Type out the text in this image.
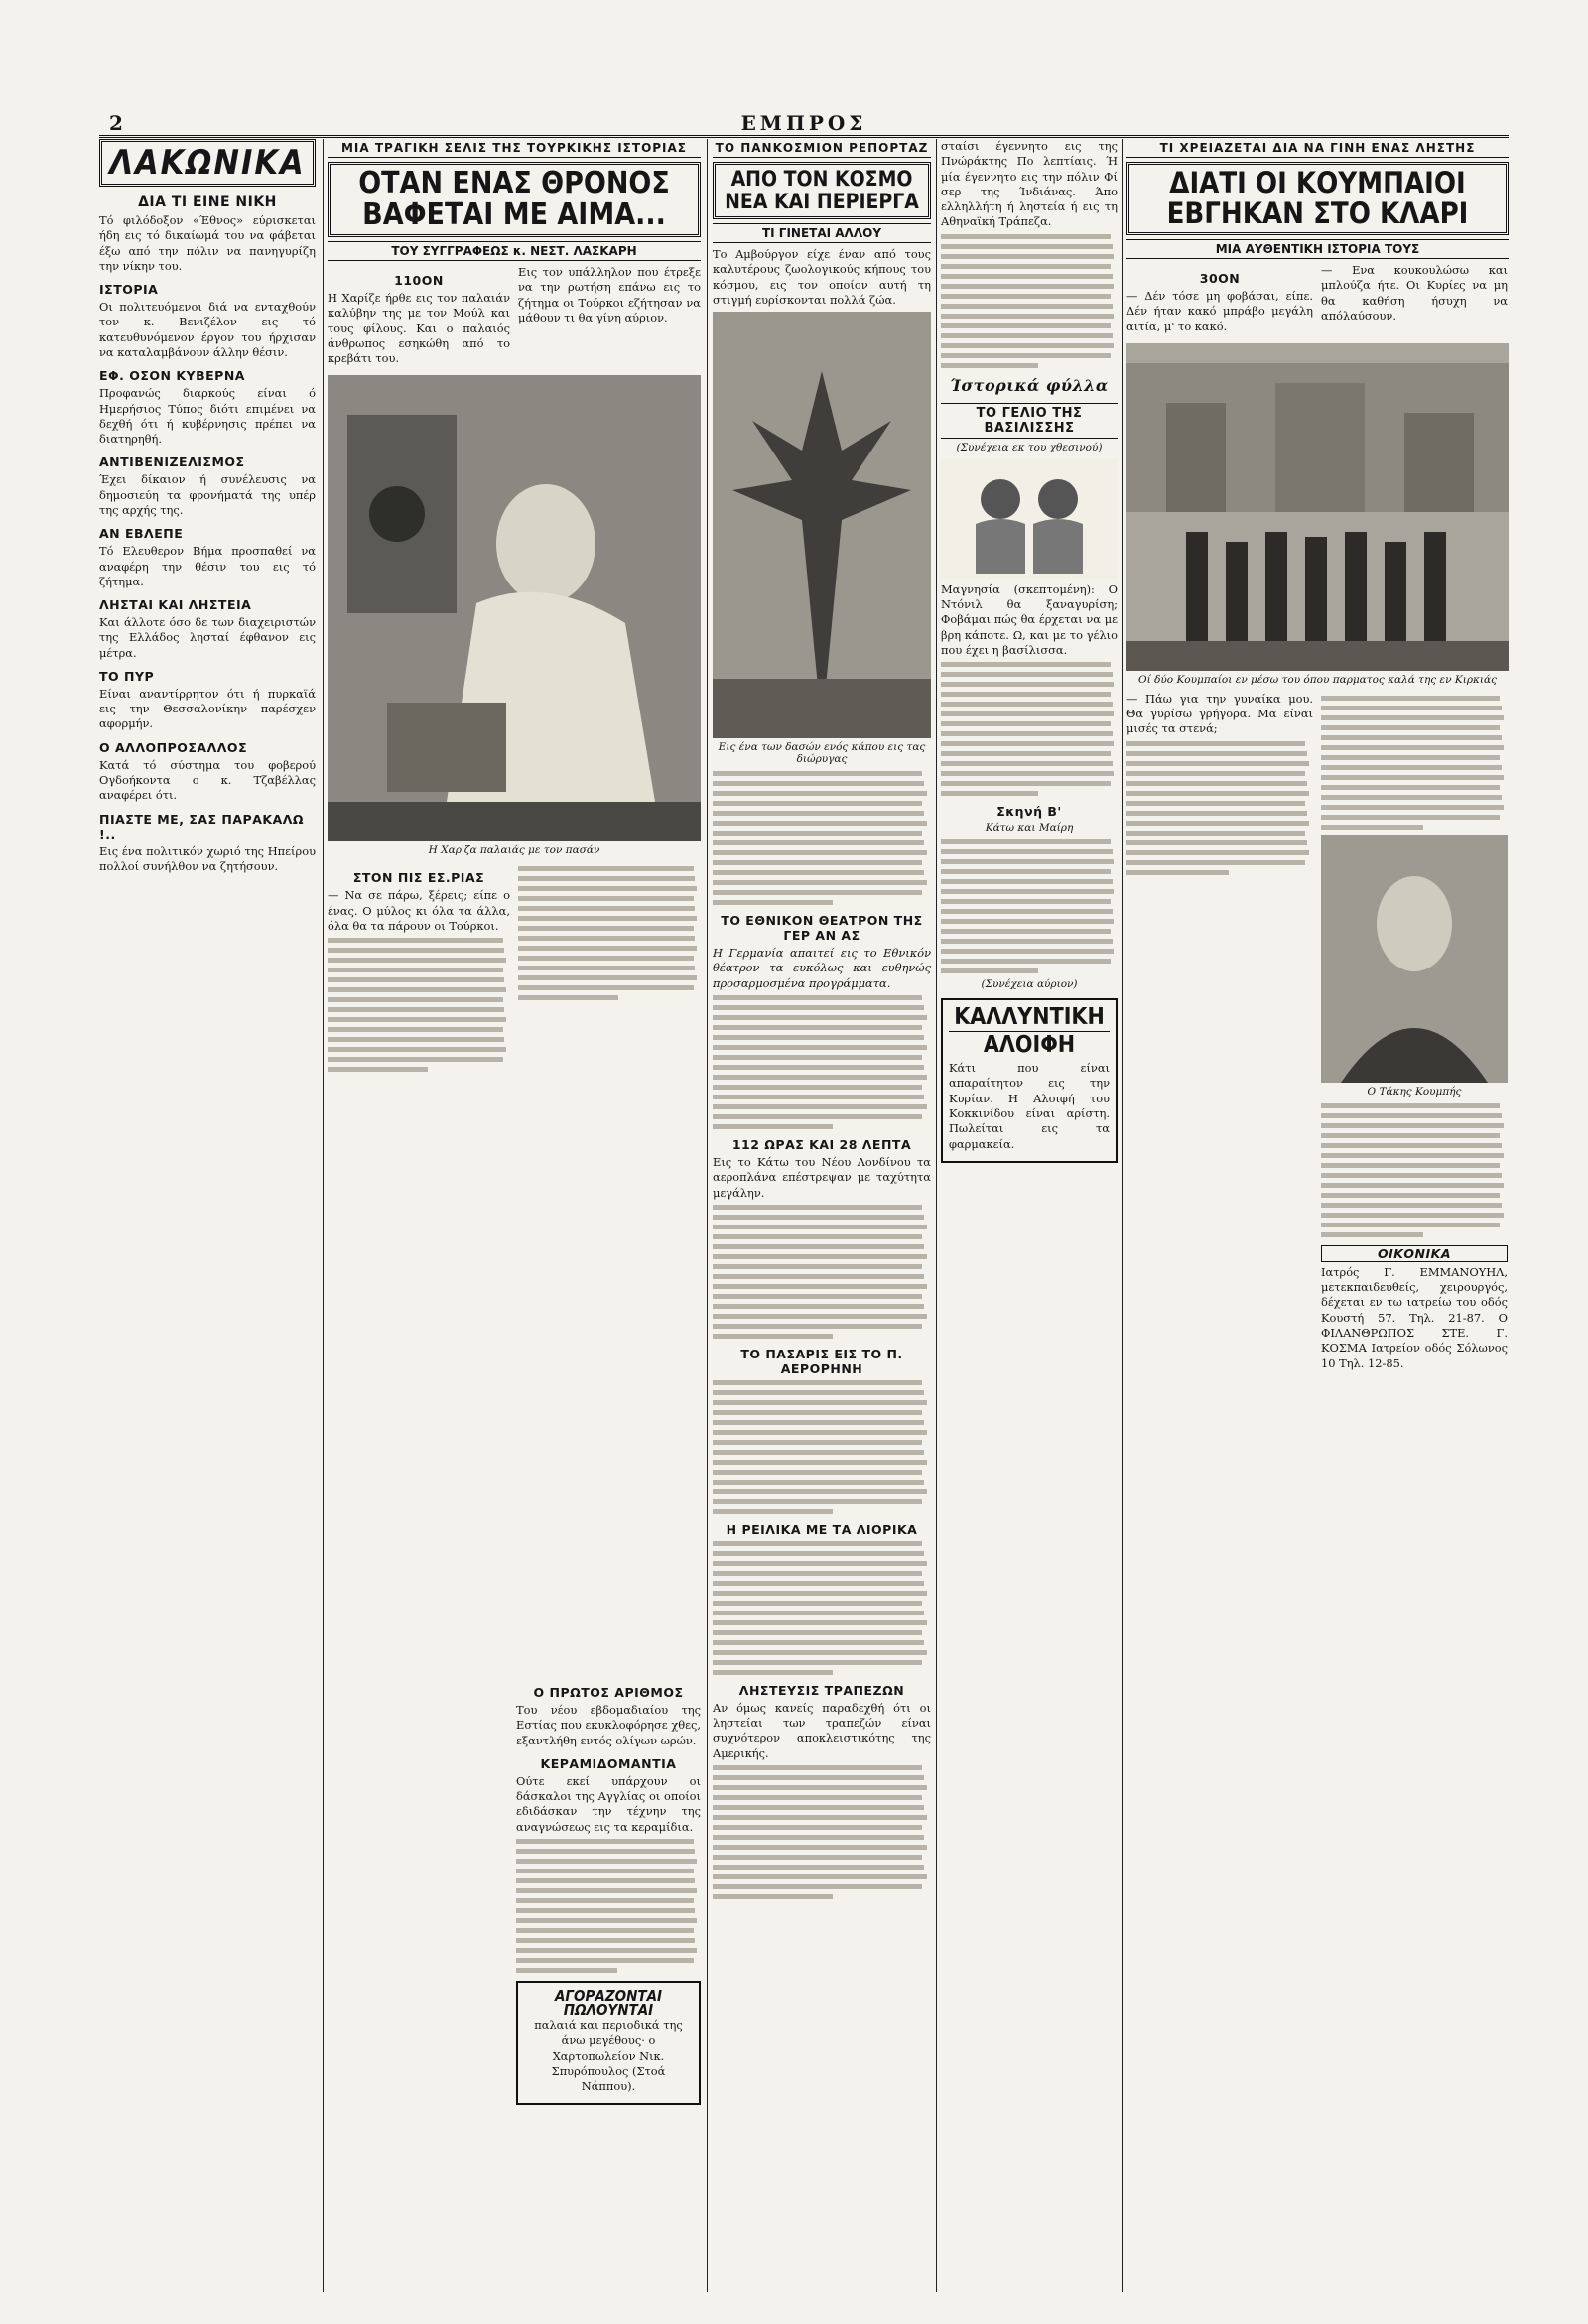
2	ΕΜΠΡΟΣ
ΛΑΚΩΝΙΚΑ
ΔΙΑ ΤΙ ΕΙΝΕ ΝΙΚΗ

Τό φιλόδοξον «Έθνος» εύρισκεται ήδη εις τό δικαίωμά του να φάβεται έξω από την πόλιν να πανηγυρίζη την νίκην του.

ΙΣΤΟΡΙΑ

Οι πολιτευόμενοι διά να ενταχθούν τον κ. Βενιζέλον εις τό κατευθυνόμενον έργον του ήρχισαν να καταλαμβάνουν άλλην θέσιν.

ΕΦ. ΟΣΟΝ ΚΥΒΕΡΝΑ

Προφανώς διαρκούς είναι ό Ημερήσιος Τύπος διότι επιμένει να δεχθή ότι ή κυβέρνησις πρέπει να διατηρηθή.

ΑΝΤΙΒΕΝΙΖΕΛΙΣΜΟΣ

Έχει δίκαιον ή συνέλευσις να δημοσιεύη τα φρονήματά της υπέρ της αρχής της.

ΑΝ ΕΒΛΕΠΕ

Τό Ελευθερον Βήμα προσπαθεί να αναφέρη την θέσιν του εις τό ζήτημα.

ΛΗΣΤΑΙ ΚΑΙ ΛΗΣΤΕΙΑ

Και άλλοτε όσο δε των διαχειριστών της Ελλάδος λησταί έφθανον εις μέτρα.

ΤΟ ΠΥΡ

Είναι αναντίρρητον ότι ή πυρκαϊά εις την Θεσσαλονίκην παρέσχεν αφορμήν.

Ο ΑΛΛΟΠΡΟΣΑΛΛΟΣ

Κατά τό σύστημα του φοβερού Ογδοήκοντα ο κ. Τζαβέλλας αναφέρει ότι.

ΠΙΑΣΤΕ ΜΕ, ΣΑΣ ΠΑΡΑΚΑΛΩ !..

Εις ένα πολιτικόν χωριό της Ηπείρου πολλοί συνήλθον να ζητήσουν.

ΜΙΑ ΤΡΑΓΙΚΗ ΣΕΛΙΣ ΤΗΣ ΤΟΥΡΚΙΚΗΣ ΙΣΤΟΡΙΑΣ
ΟΤΑΝ ΕΝΑΣ ΘΡΟΝΟΣ
ΒΑΦΕΤΑΙ ΜΕ ΑΙΜΑ...
ΤΟΥ ΣΥΓΓΡΑΦΕΩΣ κ. ΝΕΣΤ. ΛΑΣΚΑΡΗ
110ΟΝ

Η Χαρίζε ήρθε εις τον παλαιάν καλύβην της με τον Μούλ και τους φίλους. Και ο παλαιός άνθρωπος εσηκώθη από το κρεβάτι του.

Εις τον υπάλληλον που έτρεξε να την ρωτήση επάνω εις το ζήτημα οι Τούρκοι εζήτησαν να μάθουν τι θα γίνη αύριον.

Η Χαρ'ζα παλαιάς με τον πασάν
ΣΤΟΝ ΠΙΣ ΕΣ.ΡΙΑΣ

— Να σε πάρω, ξέρεις; είπε ο ένας. Ο μύλος κι όλα τα άλλα, όλα θα τα πάρουν οι Τούρκοι.

Ο ΠΡΩΤΟΣ ΑΡΙΘΜΟΣ

Του νέου εβδομαδιαίου της Εστίας που εκυκλοφόρησε χθες, εξαντλήθη εντός ολίγων ωρών.

ΚΕΡΑΜΙΔΟΜΑΝΤΙΑ

Ούτε εκεί υπάρχουν οι δάσκαλοι της Αγγλίας οι οποίοι εδιδάσκαν την τέχνην της αναγνώσεως εις τα κεραμίδια.

ΑΓΟΡΑΖΟΝΤΑΙ
ΠΩΛΟΥΝΤΑΙ

παλαιά και περιοδικά της άνω μεγέθους· ο Χαρτοπωλείον Νικ. Σπυρόπουλος (Στοά Νάππου).

ΤΟ ΠΑΝΚΟΣΜΙΟΝ ΡΕΠΟΡΤΑΖ
ΑΠΟ ΤΟΝ ΚΟΣΜΟ
ΝΕΑ ΚΑΙ ΠΕΡΙΕΡΓΑ
ΤΙ ΓΙΝΕΤΑΙ ΑΛΛΟΥ

Το Αμβούργον είχε έναν από τους καλυτέρους ζωολογικούς κήπους του κόσμου, εις τον οποίον αυτή τη στιγμή ευρίσκονται πολλά ζώα.

Εις ένα των δασών ενός κάπου εις τας διώρυγας

ΤΟ ΕΘΝΙΚΟΝ ΘΕΑΤΡΟΝ ΤΗΣ ΓΕΡ ΑΝ ΑΣ

Η Γερμανία απαιτεί εις το Εθνικόν θέατρον τα ευκόλως και ευθηνώς προσαρμοσμένα προγράμματα.

112 ΩΡΑΣ ΚΑΙ 28 ΛΕΠΤΑ

Εις το Κάτω του Νέου Λονδίνου τα αεροπλάνα επέστρεψαν με ταχύτητα μεγάλην.

ΤΟ ΠΑΣΑΡΙΣ ΕΙΣ ΤΟ Π. ΑΕΡΟΡΗΝΗ

Η ΡΕΙΛΙΚΑ ΜΕ ΤΑ ΛΙΟΡΙΚΑ

ΛΗΣΤΕΥΣΙΣ ΤΡΑΠΕΖΩΝ

Αν όμως κανείς παραδεχθή ότι οι ληστείαι των τραπεζών είναι συχνότερον αποκλειστικότης της Αμερικής.

σταίσι έγεννητο εις της Πνώράκτης Πο λεπτίαις. Ή μία έγεννητο εις την πόλιν Φί σερ της Ίνδιάνας. Άπο ελληλλήτη ή ληστεία ή εις τη Αθηναϊκή Τράπεζα.

Ίστορικά φύλλα
ΤΟ ΓΕΛΙΟ ΤΗΣ ΒΑΣΙΛΙΣΣΗΣ
(Συνέχεια εκ του χθεσινού)

Μαγνησία (σκεπτομένη): Ο Ντόνιλ θα ξαναγυρίση; Φοβάμαι πώς θα έρχεται να με βρη κάποτε. Ω, και με το γέλιο που έχει η βασίλισσα.

Σκηνή Β'
Κάτω και Μαίρη

(Συνέχεια αύριον)
ΚΑΛΛΥΝΤΙΚΗ
ΑΛΟΙΦΗ

Κάτι που είναι απαραίτητον εις την Κυρίαν. Η Αλοιφή του Κοκκινίδου είναι αρίστη. Πωλείται εις τα φαρμακεία.

ΤΙ ΧΡΕΙΑΖΕΤΑΙ ΔΙΑ ΝΑ ΓΙΝΗ ΕΝΑΣ ΛΗΣΤΗΣ
ΔΙΑΤΙ ΟΙ ΚΟΥΜΠΑΙΟΙ
ΕΒΓΗΚΑΝ ΣΤΟ ΚΛΑΡΙ
ΜΙΑ ΑΥΘΕΝΤΙΚΗ ΙΣΤΟΡΙΑ ΤΟΥΣ
30ΟΝ

— Δέν τόσε μη φοβάσαι, είπε. Δέν ήταν κακό μπράβο μεγάλη αιτία, μ' το κακό.

— Ενα κουκουλώσω και μπλούζα ήτε. Οι Κυρίες να μη θα καθήση ήσυχη να απόλαύσουν.

Οί δύο Κουμπαίοι εν μέσω του όπου παρματος καλά της εν Κιρκιάς

— Πάω για την γυναίκα μου. Θα γυρίσω γρήγορα. Μα είναι μισές τα στενά;

Ο Τάκης Κουμπής

ΟΙΚΟΝΙΚΑ

Ιατρός Γ. ΕΜΜΑΝΟΥΗΛ, μετεκπαιδευθείς, χειρουργός, δέχεται εν τω ιατρείω του οδός Κουστή 57. Τηλ. 21-87. Ο ΦΙΛΑΝΘΡΩΠΟΣ ΣΤΕ. Γ. ΚΟΣΜΑ Ιατρείον οδός Σόλωνος 10 Τηλ. 12-85.
